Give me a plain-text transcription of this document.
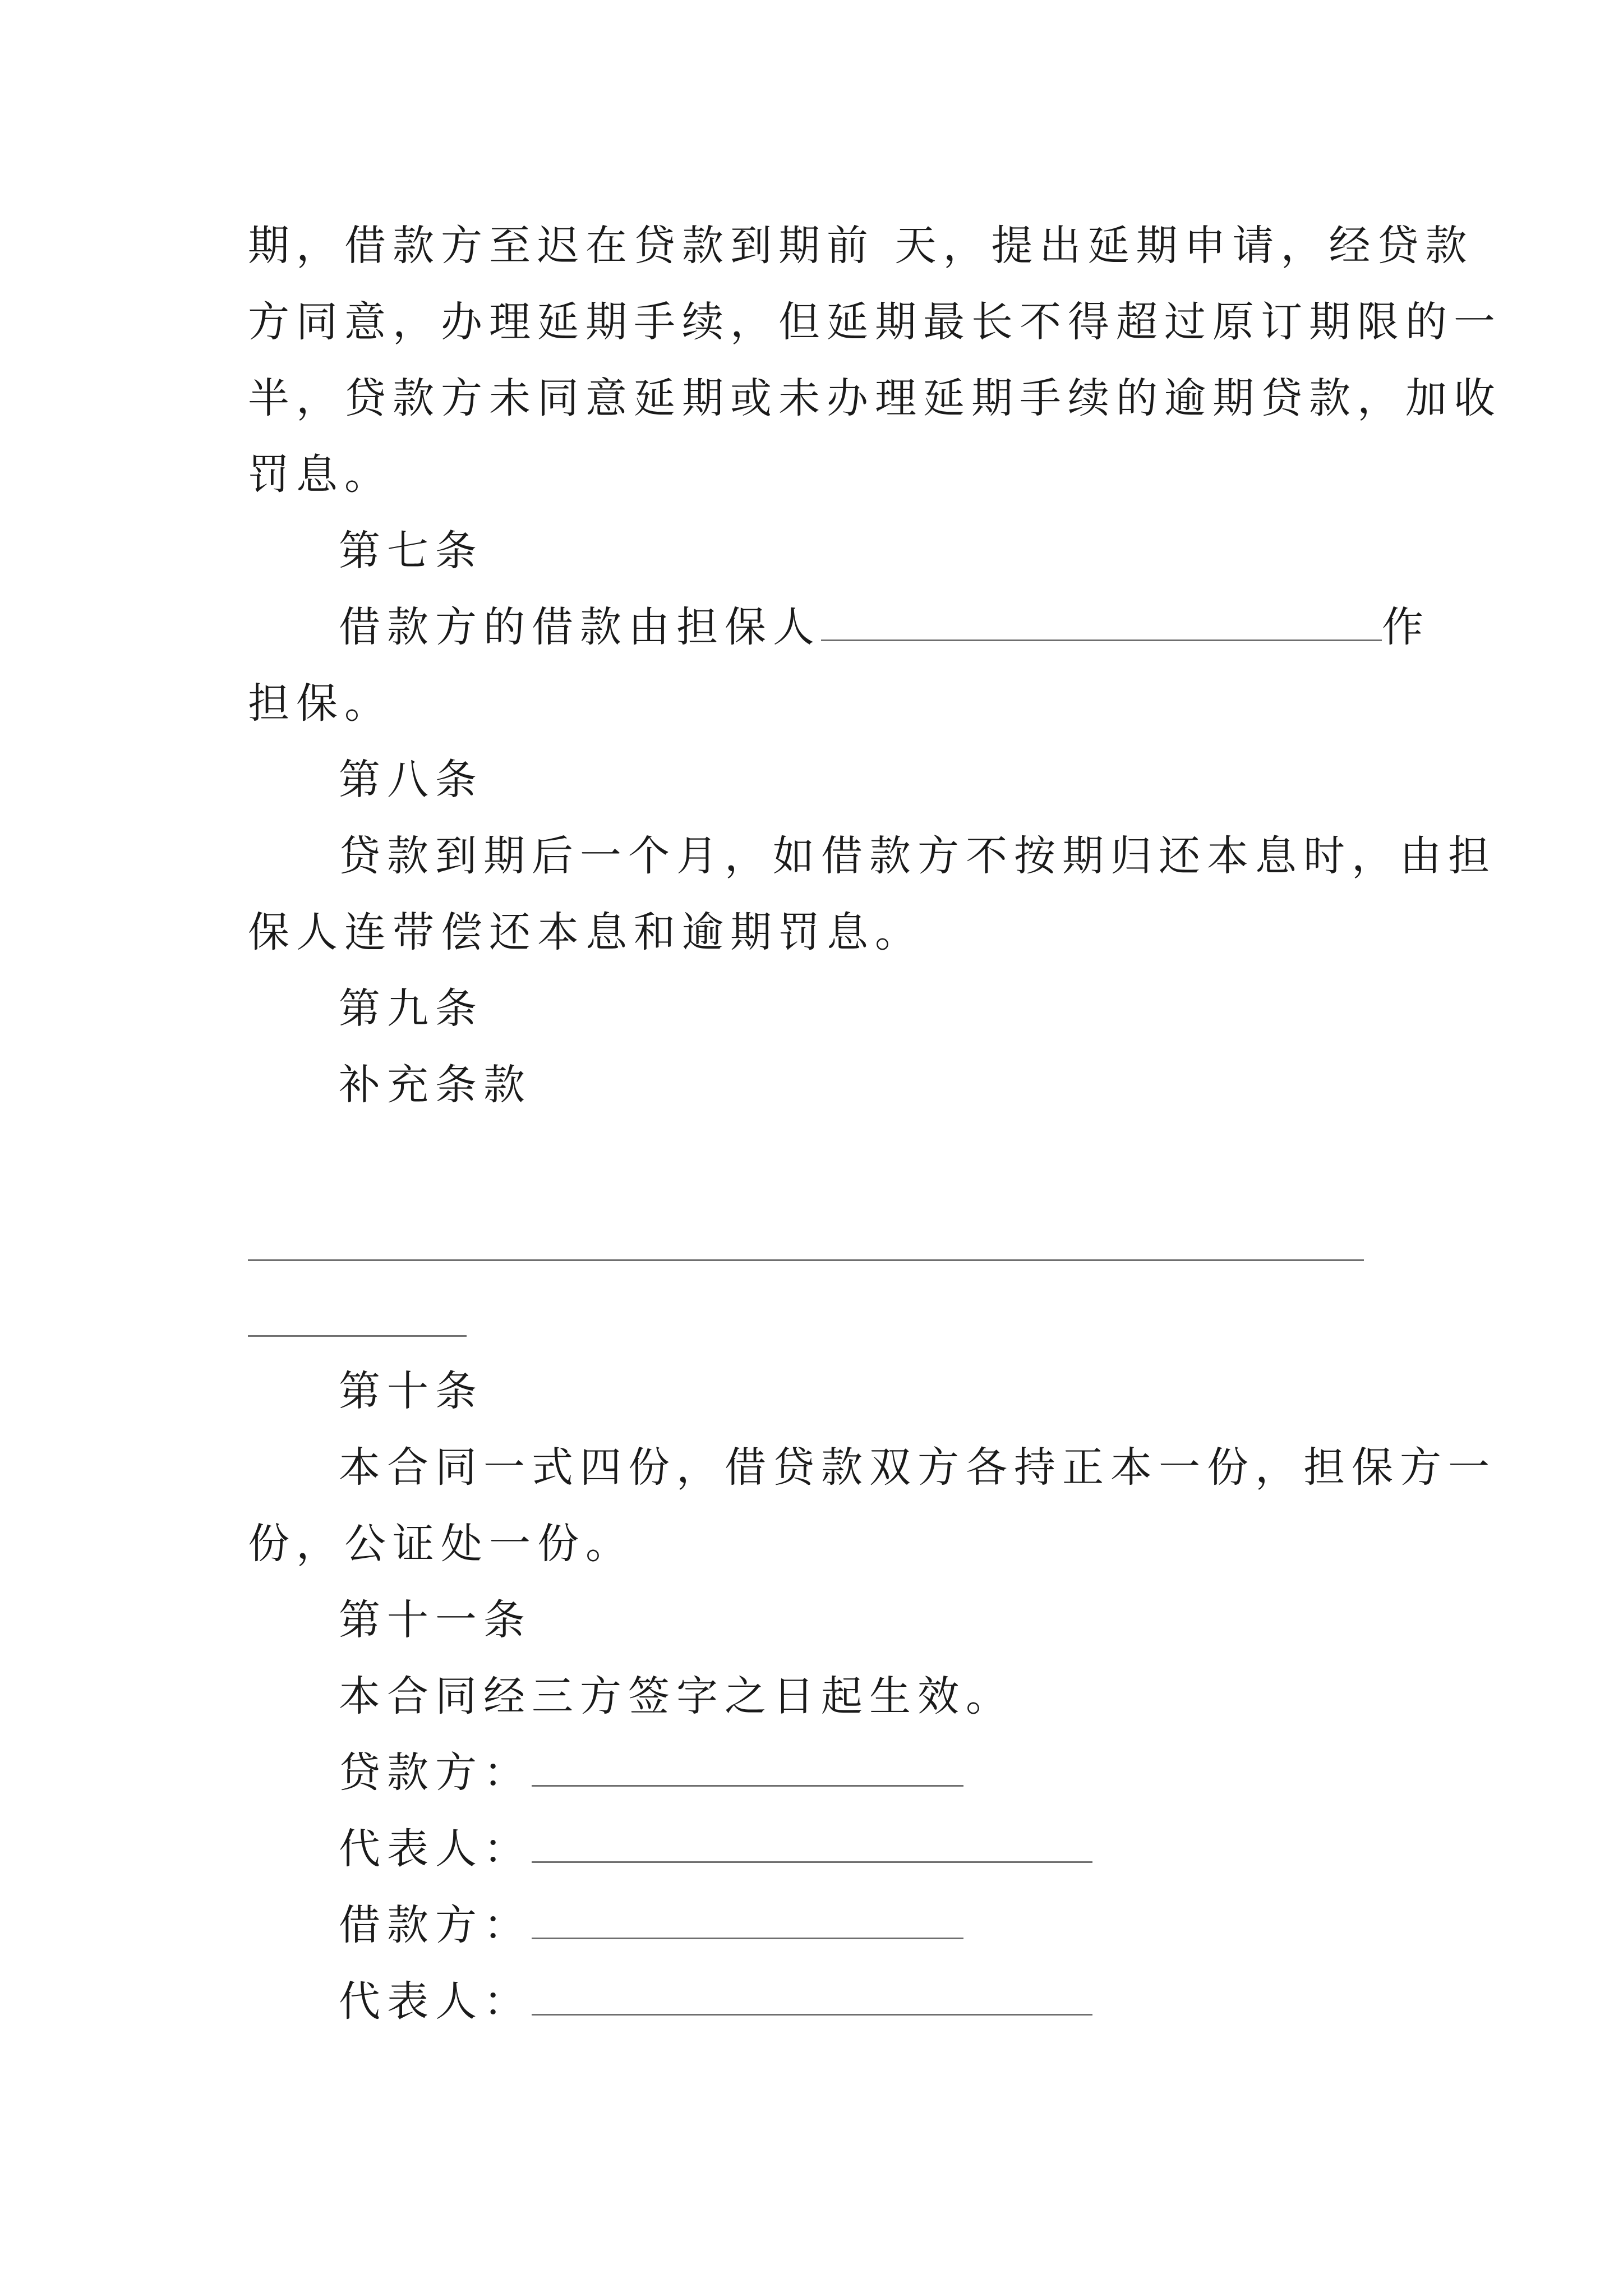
期，借款方至迟在贷款到期前 天，提出延期申请，经贷款
方同意，办理延期手续，但延期最长不得超过原订期限的一
半，贷款方未同意延期或未办理延期手续的逾期贷款，加收
罚息。
第七条
借款方的借款由担保人	作
担保。
第八条
贷款到期后一个月，如借款方不按期归还本息时，由担
保人连带偿还本息和逾期罚息。
第九条
补充条款
第十条
本合同一式四份，借贷款双方各持正本一份，担保方一
份，公证处一份。
第十一条
本合同经三方签字之日起生效。
贷款方：
代表人：
借款方：
代表人：
